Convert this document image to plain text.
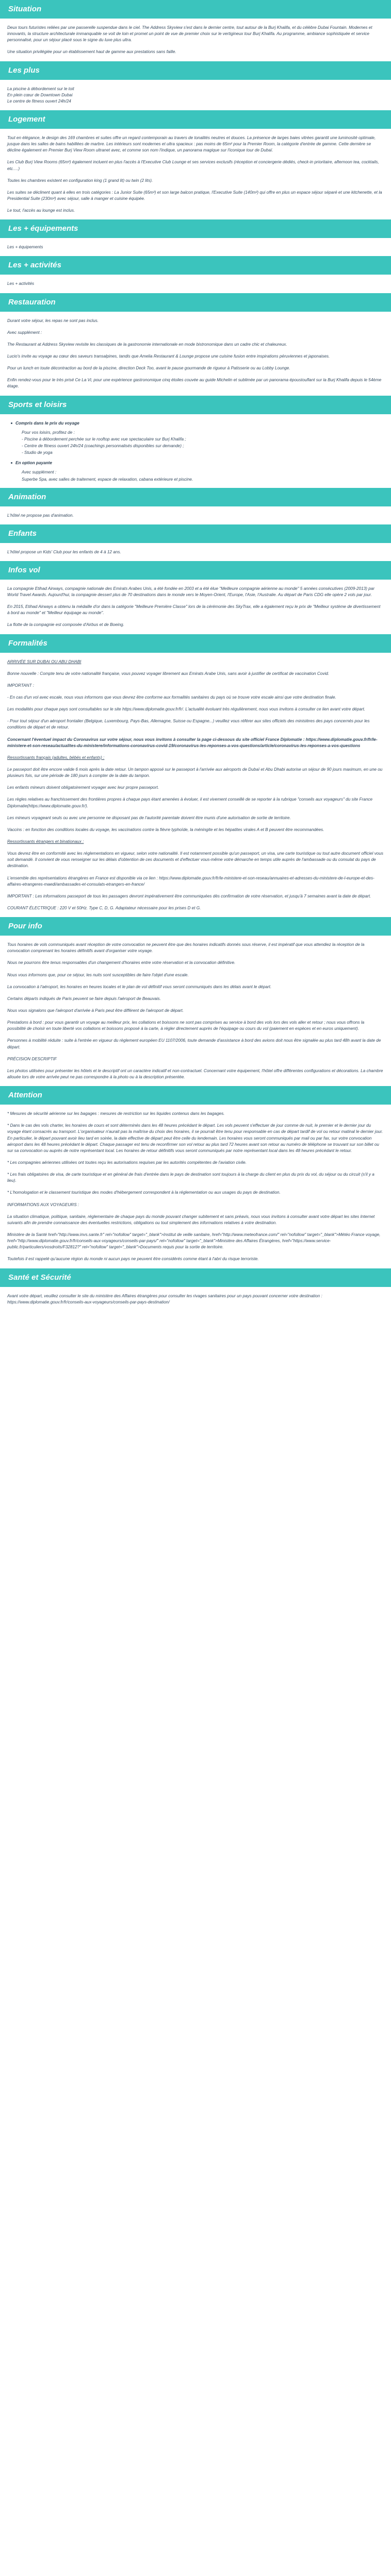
Situation

Deux tours futuristes reliées par une passerelle suspendue dans le ciel. The Address Skyview s'est dans le dernier centre, tout autour de la Burj Khalifa, et du célèbre Dubai Fountain. Modernes et innovants, la structure architecturale immanquable se voit de loin et promet un point de vue de premier choix sur le vertigineux tour Burj Khalifa. Au programme, ambiance sophistiquée et service personnalisé, pour un séjour placé sous le signe du luxe plus ultra.

Une situation privilégiée pour un établissement haut de gamme aux prestations sans faille.

Les plus

La piscine à débordement sur le toit
En plein cœur de Downtown Dubai
Le centre de fitness ouvert 24h/24

Logement

Tout en élégance, le design des 169 chambres et suites offre un regard contemporain au travers de tonalités neutres et douces. La présence de larges baies vitrées garantit une luminosité optimale, jusque dans les salles de bains habillées de marbre. Les intérieurs sont modernes et ultra spacieux : pas moins de 65m² pour la Premier Room, la catégorie d'entrée de gamme. Cette dernière se décline également en Premier Burj View Room ultranet avec, et comme son nom l'indique, un panorama magique sur l'iconique tour de Dubaï.

Les Club Burj View Rooms (65m²) également incluent en plus l'accès à l'Executive Club Lounge et ses services exclusifs (réception et conciergerie dédiés, check-in prioritaire, afternoon tea, cocktails, etc.…)

Toutes les chambres existent en configuration king (1 grand lit) ou twin (2 lits).

Les suites se déclinent quant à elles en trois catégories : La Junior Suite (65m²) et son large balcon pratique, l'Executive Suite (140m²) qui offre en plus un espace séjour séparé et une kitchenette, et la Presidential Suite (230m²) avec séjour, salle à manger et cuisine équipée.

Le tout, l'accès au lounge est inclus.

Les + équipements

Les + équipements

Les + activités

Les + activités

Restauration

Durant votre séjour, les repas ne sont pas inclus.

Avec supplément :

The Restaurant at Address Skyview revisite les classiques de la gastronomie internationale en mode bistronomique dans un cadre chic et chaleureux.

Lucio's invite au voyage au cœur des saveurs transalpines, tandis que Amelia Restaurant & Lounge propose une cuisine fusion entre inspirations péruviennes et japonaises.

Pour un lunch en toute décontraction au bord de la piscine, direction Deck Too, avant le pause gourmande de rigueur à Patisserie ou au Lobby Lounge.

Enfin rendez-vous pour le très prisé Ce La Vi, pour une expérience gastronomique cinq étoiles couvée au guide Michelin et sublimée par un panorama époustouflant sur la Burj Khalifa depuis le 54ème étage.

Sports et loisirs
Compris dans le prix du voyage
Pour vos loisirs, profitez de :
- Piscine à débordement perchée sur le rooftop avec vue spectaculaire sur Burj Khalifa ;
- Centre de fitness ouvert 24h/24 (coachings personnalisés disponibles sur demande) ;
- Studio de yoga
En option payante
Avec supplément :
Superbe Spa, avec salles de traitement, espace de relaxation, cabana extérieure et piscine.
Animation

L'hôtel ne propose pas d'animation.

Enfants

L'hôtel propose un Kids' Club pour les enfants de 4 à 12 ans.

Infos vol

La compagnie Etihad Airways, compagnie nationale des Emirats Arabes Unis, a été fondée en 2003 et a été élue "Meilleure compagnie aérienne au monde" 5 années consécutives (2009-2013) par World Travel Awards. Aujourd'hui, la compagnie dessert plus de 70 destinations dans le monde vers le Moyen-Orient, l'Europe, l'Asie, l'Australie. Au départ de Paris CDG elle opère 2 vols par jour.

En 2015, Etihad Airways a obtenu la médaille d'or dans la catégorie "Meilleure Première Classe" lors de la cérémonie des SkyTrax, elle a également reçu le prix de "Meilleur système de divertissement à bord au monde" et "Meilleur équipage au monde".

La flotte de la compagnie est composée d'Airbus et de Boeing.

Formalités

ARRIVÉE SUR DUBAI OU ABU DHABI

Bonne nouvelle : Compte tenu de votre nationalité française, vous pouvez voyager librement aux Emirats Arabe Unis, sans avoir à justifier de certificat de vaccination Covid.

IMPORTANT :

- En cas d'un vol avec escale, nous vous informons que vous devrez être conforme aux formalités sanitaires du pays où se trouve votre escale ainsi que votre destination finale.

Les modalités pour chaque pays sont consultables sur le site https://www.diplomatie.gouv.fr/fr/. L'actualité évoluant très régulièrement, nous vous invitons à consulter ce lien avant votre départ.

- Pour tout séjour d'un aéroport frontalier (Belgique, Luxembourg, Pays-Bas, Allemagne, Suisse ou Espagne...) veuillez vous référer aux sites officiels des ministères des pays concernés pour les conditions de départ et de retour.

Concernant l'éventuel impact du Coronavirus sur votre séjour, nous vous invitons à consulter la page ci-dessous du site officiel France Diplomatie : https://www.diplomatie.gouv.fr/fr/le-ministere-et-son-reseau/actualites-du-ministere/informations-coronavirus-covid-19/coronavirus-les-reponses-a-vos-questions/article/coronavirus-les-reponses-a-vos-questions

Ressortissants français (adultes, bébés et enfants) :

Le passeport doit être encore valide 6 mois après la date retour. Un tampon apposé sur le passeport à l'arrivée aux aéroports de Dubaï et Abu Dhabi autorise un séjour de 90 jours maximum, en une ou plusieurs fois, sur une période de 180 jours à compter de la date du tampon.

Les enfants mineurs doivent obligatoirement voyager avec leur propre passeport.

Les règles relatives au franchissement des frontières propres à chaque pays étant amenées à évoluer, il est vivement conseillé de se reporter à la rubrique "conseils aux voyageurs" du site France Diplomatie(https://www.diplomatie.gouv.fr/).

Les mineurs voyageant seuls ou avec une personne ne disposant pas de l'autorité parentale doivent être munis d'une autorisation de sortie de territoire.

Vaccins : en fonction des conditions locales du voyage, les vaccinations contre la fièvre typhoïde, la méningite et les hépatites virales A et B peuvent être recommandées.

Ressortissants étrangers et binationaux :

Vous devrez être en conformité avec les réglementations en vigueur, selon votre nationalité. Il est notamment possible qu'un passeport, un visa, une carte touristique ou tout autre document officiel vous soit demandé. Il convient de vous renseigner sur les délais d'obtention de ces documents et d'effectuer vous-même votre démarche en temps utile auprès de l'ambassade ou du consulat du pays de destination.

L'ensemble des représentations étrangères en France est disponible via ce lien : https://www.diplomatie.gouv.fr/fr/le-ministere-et-son-reseau/annuaires-et-adresses-du-ministere-de-l-europe-et-des-affaires-etrangeres-maedi/ambassades-et-consulats-etrangers-en-france/

IMPORTANT : Les informations passeport de tous les passagers devront impérativement être communiquées dès confirmation de votre réservation, et jusqu'à 7 semaines avant la date de départ.

COURANT ÉLECTRIQUE : 220 V et 50Hz. Type C, D, G. Adaptateur nécessaire pour les prises D et G.

Pour info

Tous horaires de vols communiqués avant réception de votre convocation ne peuvent être que des horaires indicatifs donnés sous réserve, il est impératif que vous attendiez la réception de la convocation comprenant les horaires définitifs avant d'organiser votre voyage.

Nous ne pourrons être tenus responsables d'un changement d'horaires entre votre réservation et la convocation définitive.

Nous vous informons que, pour ce séjour, les nuits sont susceptibles de faire l'objet d'une escale.

La convocation à l'aéroport, les horaires en heures locales et le plan de vol définitif vous seront communiqués dans les délais avant le départ.

Certains départs indiqués de Paris peuvent se faire depuis l'aéroport de Beauvais.

Nous vous signalons que l'aéroport d'arrivée à Paris peut être différent de l'aéroport de départ.

Prestations à bord : pour vous garantir un voyage au meilleur prix, les collations et boissons ne sont pas comprises au service à bord des vols lors des vols aller et retour ; nous vous offrons la possibilité de choisir en toute liberté vos collations et boissons proposé à la carte, à régler directement auprès de l'équipage ou cours du vol (paiement en espèces et en euros uniquement).

Personnes à mobilité réduite : suite à l'entrée en vigueur du règlement européen EU 1107/2006, toute demande d'assistance à bord des avions doit nous être signalée au plus tard 48h avant la date de départ.

PRÉCISION DESCRIPTIF

Les photos utilisées pour présenter les hôtels et le descriptif ont un caractère indicatif et non-contractuel. Concernant votre équipement, l'hôtel offre différentes configurations et décorations. La chambre allouée lors de votre arrivée peut ne pas correspondre à la photo ou à la description présentée.

Attention

* Mesures de sécurité aérienne sur les bagages : mesures de restriction sur les liquides contenus dans les bagages.

* Dans le cas des vols charter, les horaires de cours et sont déterminés dans les 48 heures précédant le départ. Les vols peuvent s'effectuer de jour comme de nuit, le premier et le dernier jour du voyage étant consacrés au transport. L'organisateur n'aurait pas la maîtrise du choix des horaires, il se pourrait être tenu pour responsable en cas de départ tardif de vol ou retour matinal le dernier jour. En particulier, le départ pouvant avoir lieu tard en soirée, la date effective de départ peut être celle du lendemain. Les horaires vous seront communiqués par mail ou par fax, sur votre convocation aéroport dans les 48 heures précédant le départ. Chaque passager est tenu de reconfirmer son vol retour au plus tard 72 heures avant son retour au numéro de téléphone se trouvant sur son billet ou sur sa convocation ou auprès de notre représentant local. Les horaires de retour définitifs vous seront communiqués par notre représentant local dans les 48 heures précédant le retour.

* Les compagnies aériennes utilisées ont toutes reçu les autorisations requises par les autorités compétentes de l'aviation civile.

* Les frais obligatoires de visa, de carte touristique et en général de frais d'entrée dans le pays de destination sont toujours à la charge du client en plus du prix du vol, du séjour ou du circuit (s'il y a lieu).

* L'homologation et le classement touristique des modes d'hébergement correspondent à la réglementation ou aux usages du pays de destination.

INFORMATIONS AUX VOYAGEURS :

La situation climatique, politique, sanitaire, réglementaire de chaque pays du monde pouvant changer subitement et sans préavis, nous vous invitons à consulter avant votre départ les sites Internet suivants afin de prendre connaissance des éventuelles restrictions, obligations ou tout simplement des informations relatives à votre destination.

Ministère de la Santé href="http://www.invs.sante.fr" rel="nofollow" target="_blank">Institut de veille sanitaire, href="http://www.meteofrance.com/" rel="nofollow" target="_blank">Météo France voyage, href="http://www.diplomatie.gouv.fr/fr/conseils-aux-voyageurs/conseils-par-pays/" rel="nofollow" target="_blank">Ministère des Affaires Étrangères, href="https://www.service-public.fr/particuliers/vosdroits/F32812?" rel="nofollow" target="_blank">Documents requis pour la sortie de territoire.

Toutefois il est rappelé qu'aucune région du monde ni aucun pays ne peuvent être considérés comme étant à l'abri du risque terroriste.

Santé et Sécurité

Avant votre départ, veuillez consulter le site du ministère des Affaires étrangères pour consulter les rivages sanitaires pour un pays pouvant concerner votre destination : https://www.diplomatie.gouv.fr/fr/conseils-aux-voyageurs/conseils-par-pays-destination/
